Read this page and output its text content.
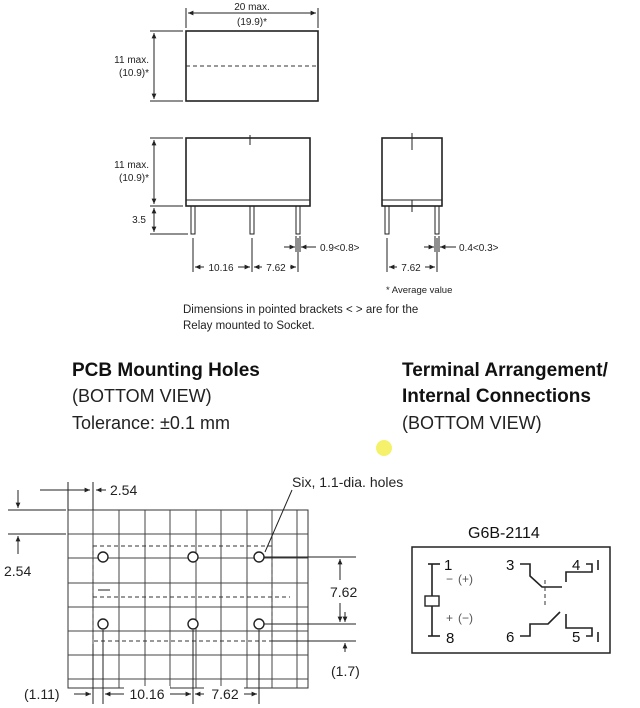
20 max.
(19.9)*
11 max.
(10.9)*
11 max.
(10.9)*
3.5
10.16	7.62
0.9<0.8>
7.62
0.4<0.3>
* Average value
Dimensions in pointed brackets < > are for the
Relay mounted to Socket.
PCB Mounting Holes
(BOTTOM VIEW)
Tolerance: ±0.1 mm
Terminal Arrangement/
Internal Connections
(BOTTOM VIEW)
2.54	Six, 1.1-dia. holes
2.54
7.62
(1.7)
(1.11)	10.16	7.62
G6B-2114
1
− (+)
+ (−)
8
3	4
6	5
